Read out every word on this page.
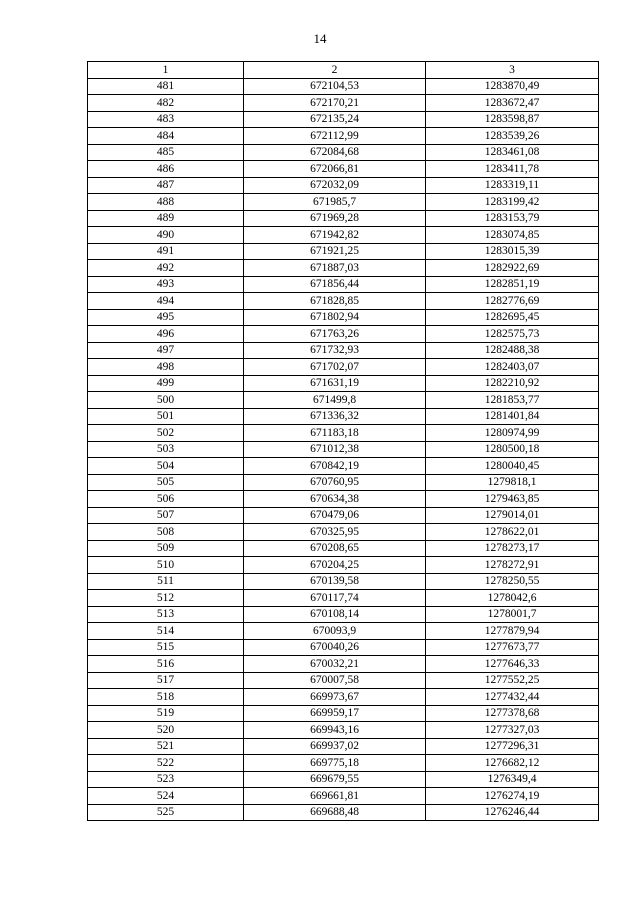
14
1	2	3
481	672104,53	1283870,49
482	672170,21	1283672,47
483	672135,24	1283598,87
484	672112,99	1283539,26
485	672084,68	1283461,08
486	672066,81	1283411,78
487	672032,09	1283319,11
488	671985,7	1283199,42
489	671969,28	1283153,79
490	671942,82	1283074,85
491	671921,25	1283015,39
492	671887,03	1282922,69
493	671856,44	1282851,19
494	671828,85	1282776,69
495	671802,94	1282695,45
496	671763,26	1282575,73
497	671732,93	1282488,38
498	671702,07	1282403,07
499	671631,19	1282210,92
500	671499,8	1281853,77
501	671336,32	1281401,84
502	671183,18	1280974,99
503	671012,38	1280500,18
504	670842,19	1280040,45
505	670760,95	1279818,1
506	670634,38	1279463,85
507	670479,06	1279014,01
508	670325,95	1278622,01
509	670208,65	1278273,17
510	670204,25	1278272,91
511	670139,58	1278250,55
512	670117,74	1278042,6
513	670108,14	1278001,7
514	670093,9	1277879,94
515	670040,26	1277673,77
516	670032,21	1277646,33
517	670007,58	1277552,25
518	669973,67	1277432,44
519	669959,17	1277378,68
520	669943,16	1277327,03
521	669937,02	1277296,31
522	669775,18	1276682,12
523	669679,55	1276349,4
524	669661,81	1276274,19
525	669688,48	1276246,44
